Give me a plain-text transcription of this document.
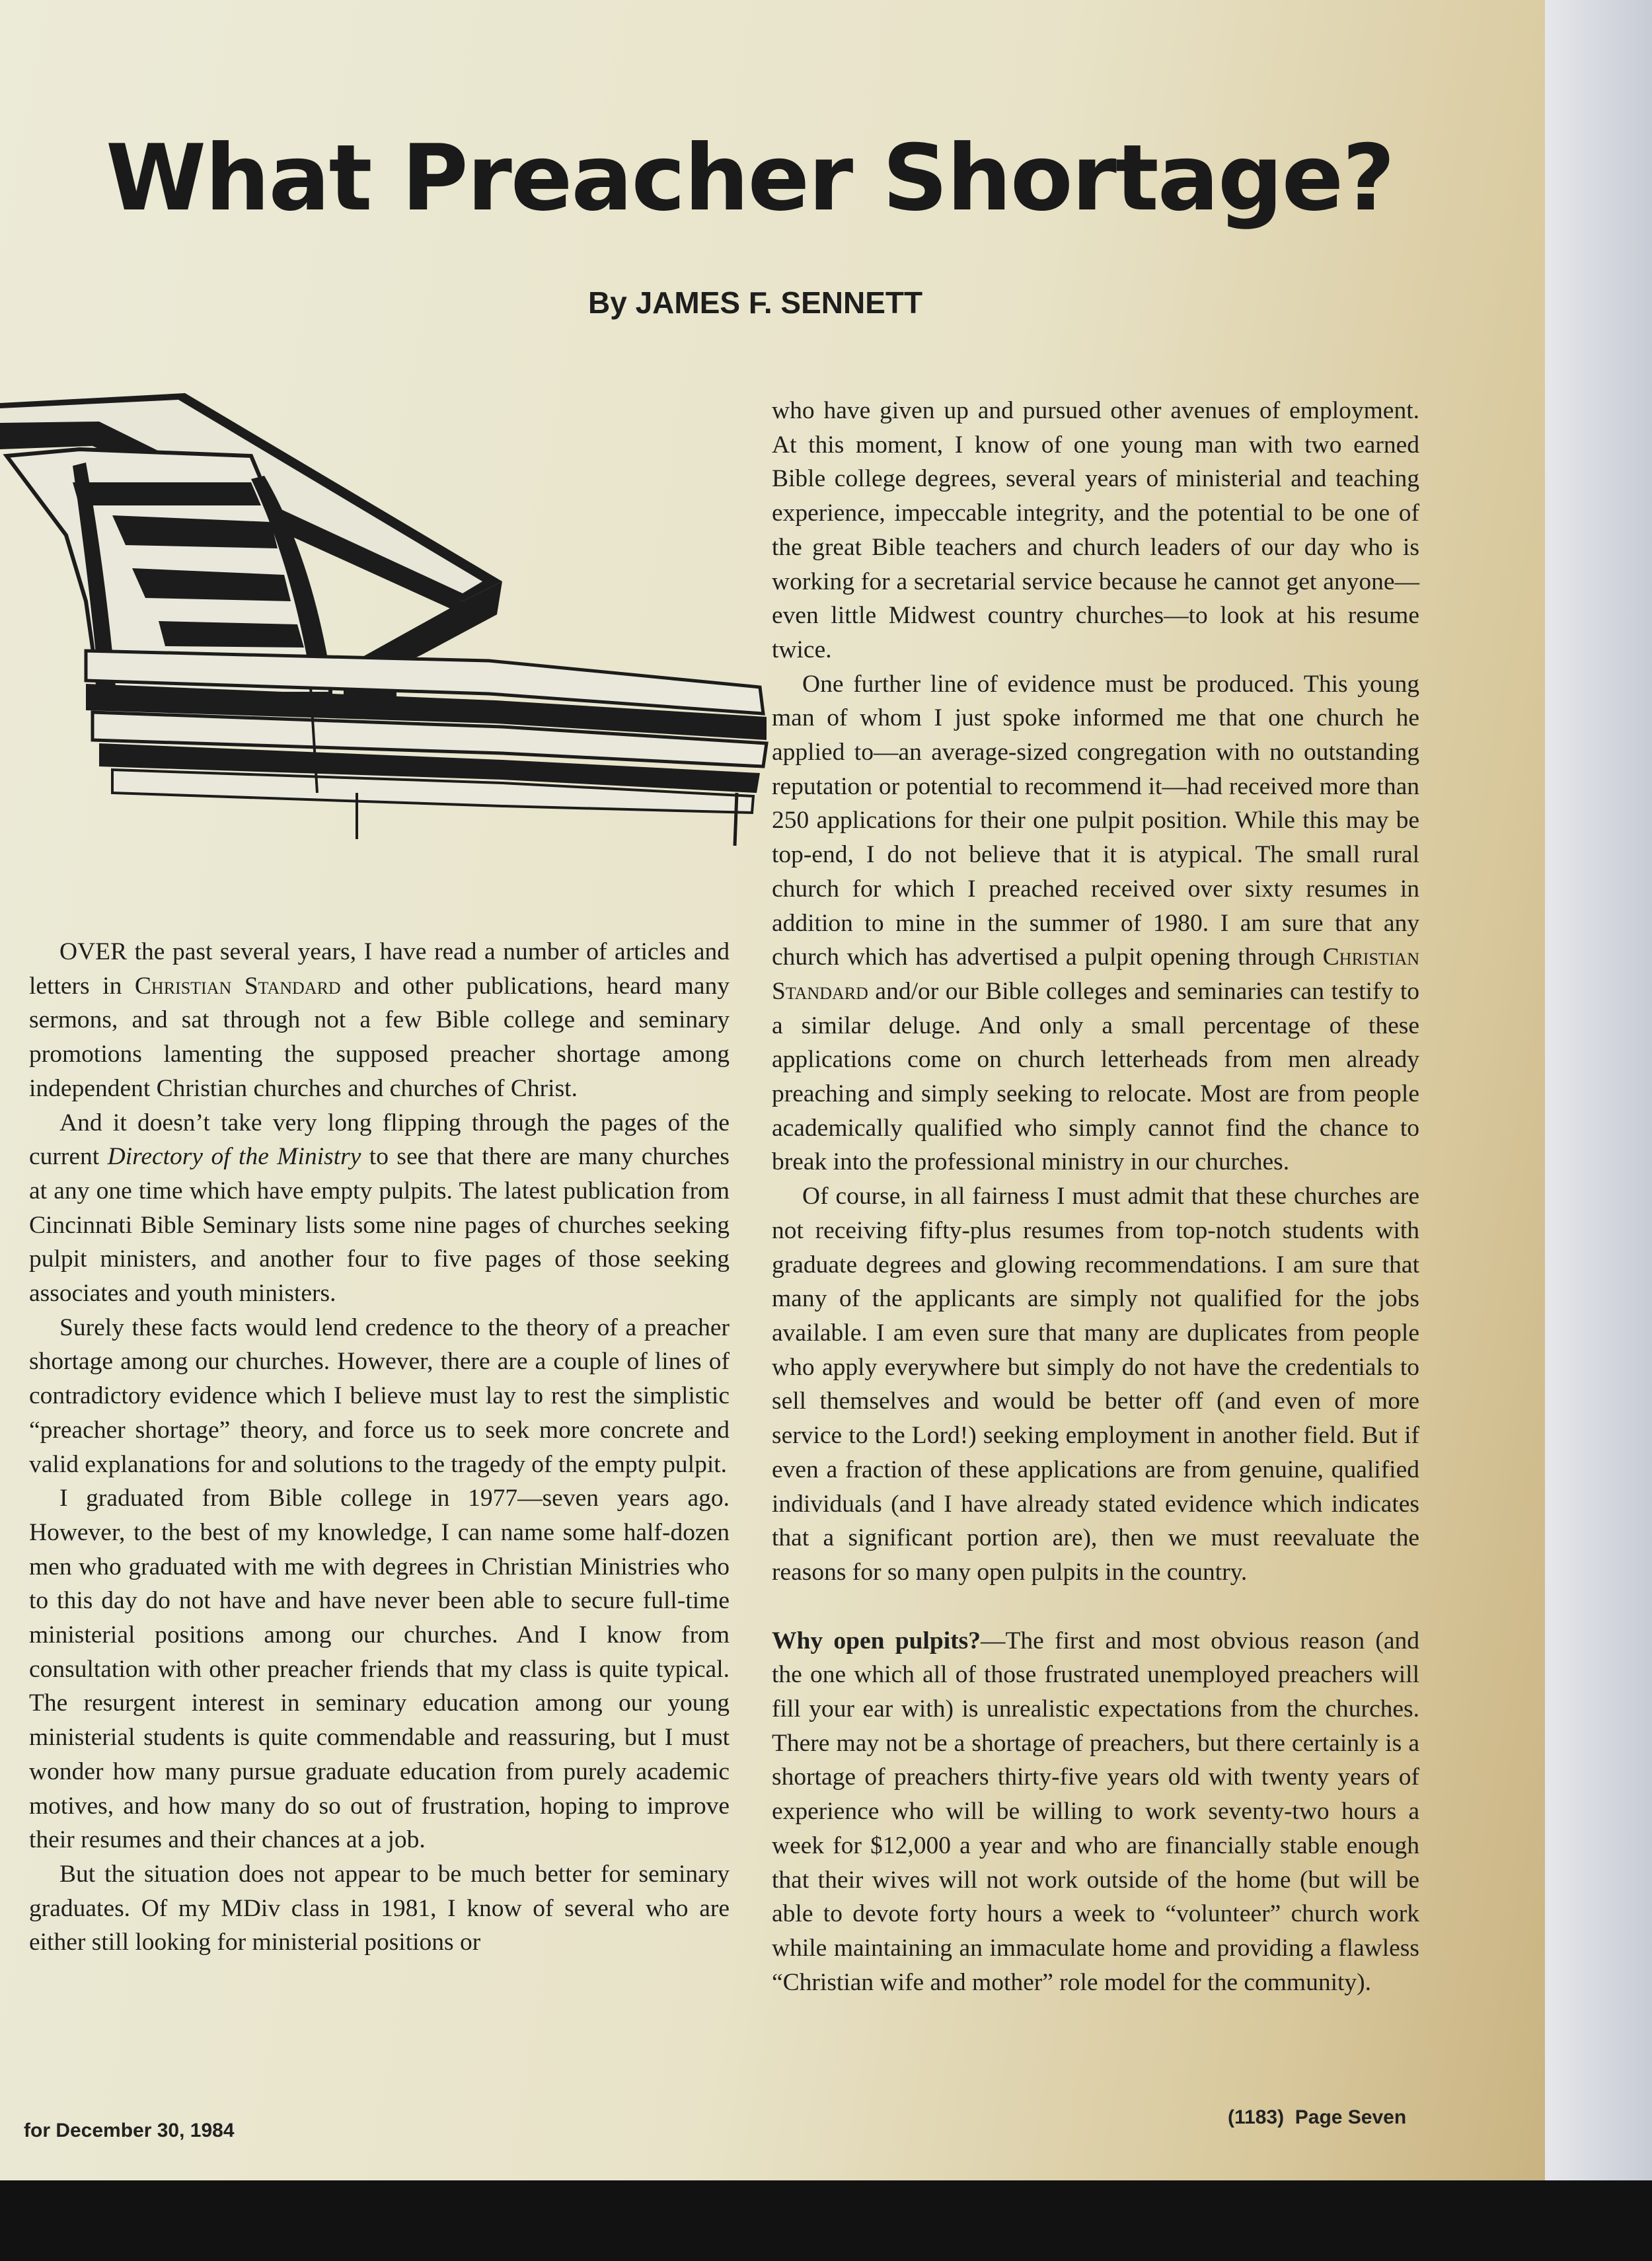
What Preacher Shortage?
By JAMES F. SENNETT

OVER the past several years, I have read a number of articles and letters in Christian Standard and other publications, heard many sermons, and sat through not a few Bible college and seminary promotions lamenting the supposed preacher shortage among independent Christian churches and churches of Christ.

And it doesn’t take very long flipping through the pages of the current Directory of the Ministry to see that there are many churches at any one time which have empty pulpits. The latest publication from Cincinnati Bible Seminary lists some nine pages of churches seeking pulpit ministers, and another four to five pages of those seeking associates and youth ministers.

Surely these facts would lend credence to the theory of a preacher shortage among our churches. However, there are a couple of lines of contradictory evidence which I believe must lay to rest the simplistic “preacher shortage” theory, and force us to seek more concrete and valid explanations for and solutions to the tragedy of the empty pulpit.

I graduated from Bible college in 1977—seven years ago. However, to the best of my knowledge, I can name some half-dozen men who graduated with me with degrees in Christian Ministries who to this day do not have and have never been able to secure full-time ministerial positions among our churches. And I know from consultation with other preacher friends that my class is quite typical. The resurgent interest in seminary education among our young ministerial students is quite commendable and reassuring, but I must wonder how many pursue graduate education from purely academic motives, and how many do so out of frustration, hoping to improve their resumes and their chances at a job.

But the situation does not appear to be much better for seminary graduates. Of my MDiv class in 1981, I know of several who are either still looking for ministerial positions or

who have given up and pursued other avenues of employment. At this moment, I know of one young man with two earned Bible college degrees, several years of ministerial and teaching experience, impeccable integrity, and the potential to be one of the great Bible teachers and church leaders of our day who is working for a secretarial service because he cannot get anyone—even little Midwest country churches—to look at his resume twice.

One further line of evidence must be produced. This young man of whom I just spoke informed me that one church he applied to—an average-sized congregation with no outstanding reputation or potential to recommend it—had received more than 250 applications for their one pulpit position. While this may be top-end, I do not believe that it is atypical. The small rural church for which I preached received over sixty resumes in addition to mine in the summer of 1980. I am sure that any church which has advertised a pulpit opening through Christian Standard and/or our Bible colleges and seminaries can testify to a similar deluge. And only a small percentage of these applications come on church letterheads from men already preaching and simply seeking to relocate. Most are from people academically qualified who simply cannot find the chance to break into the professional ministry in our churches.

Of course, in all fairness I must admit that these churches are not receiving fifty-plus resumes from top-notch students with graduate degrees and glowing recommendations. I am sure that many of the applicants are simply not qualified for the jobs available. I am even sure that many are duplicates from people who apply everywhere but simply do not have the credentials to sell themselves and would be better off (and even of more service to the Lord!) seeking employment in another field. But if even a fraction of these applications are from genuine, qualified individuals (and I have already stated evidence which indicates that a significant portion are), then we must reevaluate the reasons for so many open pulpits in the country.

Why open pulpits?—The first and most obvious reason (and the one which all of those frustrated unemployed preachers will fill your ear with) is unrealistic expectations from the churches. There may not be a shortage of preachers, but there certainly is a shortage of preachers thirty-five years old with twenty years of experience who will be willing to work seventy-two hours a week for $12,000 a year and who are financially stable enough that their wives will not work outside of the home (but will be able to devote forty hours a week to “volunteer” church work while maintaining an immaculate home and providing a flawless “Christian wife and mother” role model for the community).

for December 30, 1984
(1183) Page Seven
